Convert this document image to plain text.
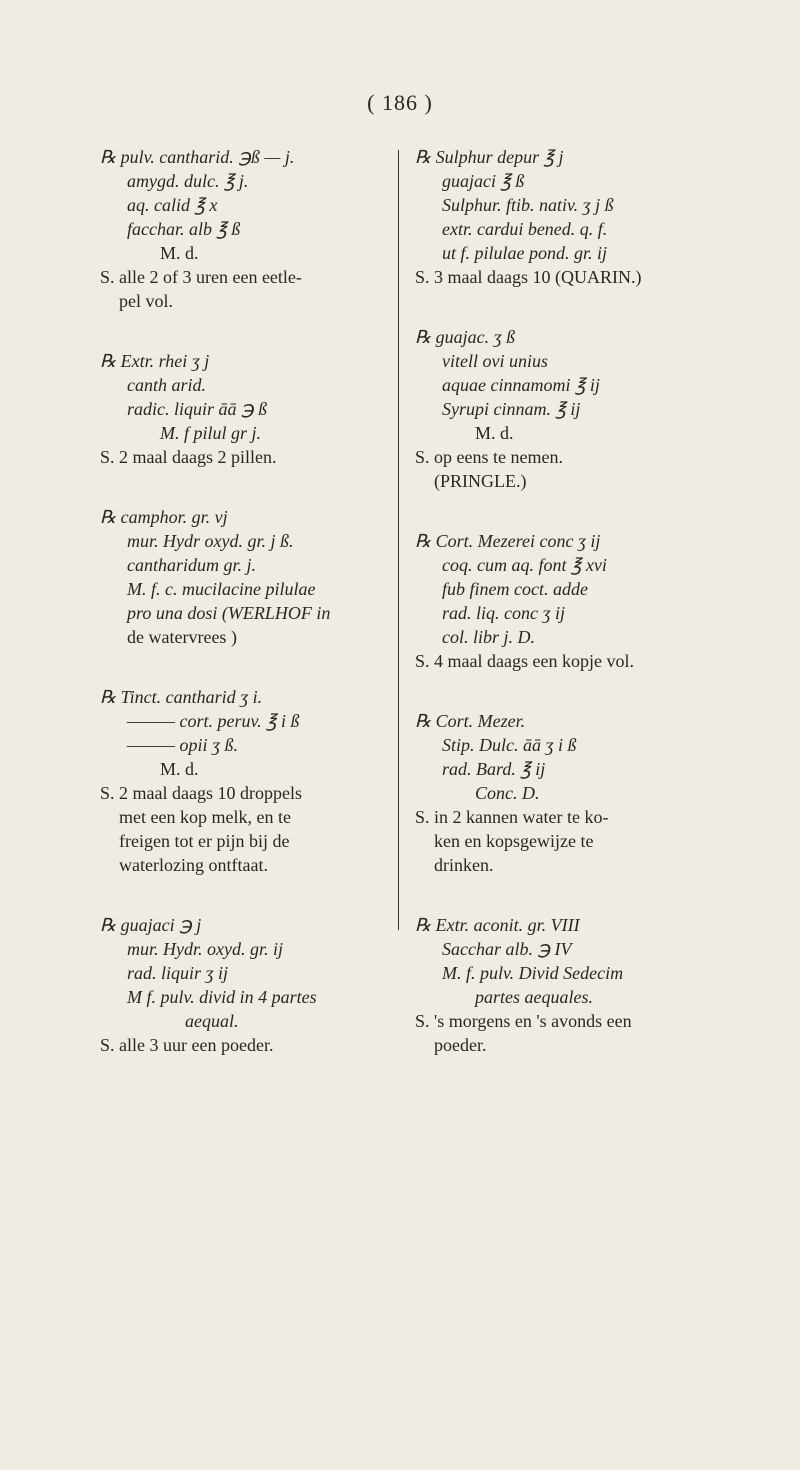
( 186 )
℞ pulv. cantharid. ℈ß — j.
amygd. dulc. ℥ j.
aq. calid ℥ x
facchar. alb ℥ ß
M. d.
S. alle 2 of 3 uren een eetle-
pel vol.
℞ Extr. rhei ʒ j
canth arid.
radic. liquir āā ℈ ß
M. f pilul gr j.
S. 2 maal daags 2 pillen.
℞ camphor. gr. vj
mur. Hydr oxyd. gr. j ß.
cantharidum gr. j.
M. f. c. mucilacine pilulae
pro una dosi (WERLHOF in
de watervrees )
℞ Tinct. cantharid ʒ i.
——— cort. peruv. ℥ i ß
——— opii ʒ ß.
M. d.
S. 2 maal daags 10 droppels
met een kop melk, en te
freigen tot er pijn bij de
waterlozing ontftaat.
℞ guajaci ℈ j
mur. Hydr. oxyd. gr. ij
rad. liquir ʒ ij
M f. pulv. divid in 4 partes
aequal.
S. alle 3 uur een poeder.
℞ Sulphur depur ℥ j
guajaci ℥ ß
Sulphur. ftib. nativ. ʒ j ß
extr. cardui bened. q. f.
ut f. pilulae pond. gr. ij
S. 3 maal daags 10 (QUARIN.)
℞ guajac. ʒ ß
vitell ovi unius
aquae cinnamomi ℥ ij
Syrupi cinnam. ℥ ij
M. d.
S. op eens te nemen.
(PRINGLE.)
℞ Cort. Mezerei conc ʒ ij
coq. cum aq. font ℥ xvi
fub finem coct. adde
rad. liq. conc ʒ ij
col. libr j. D.
S. 4 maal daags een kopje vol.
℞ Cort. Mezer.
Stip. Dulc. āā ʒ i ß
rad. Bard. ℥ ij
Conc. D.
S. in 2 kannen water te ko-
ken en kopsgewijze te
drinken.
℞ Extr. aconit. gr. VIII
Sacchar alb. ℈ IV
M. f. pulv. Divid Sedecim
partes aequales.
S. 's morgens en 's avonds een
poeder.
